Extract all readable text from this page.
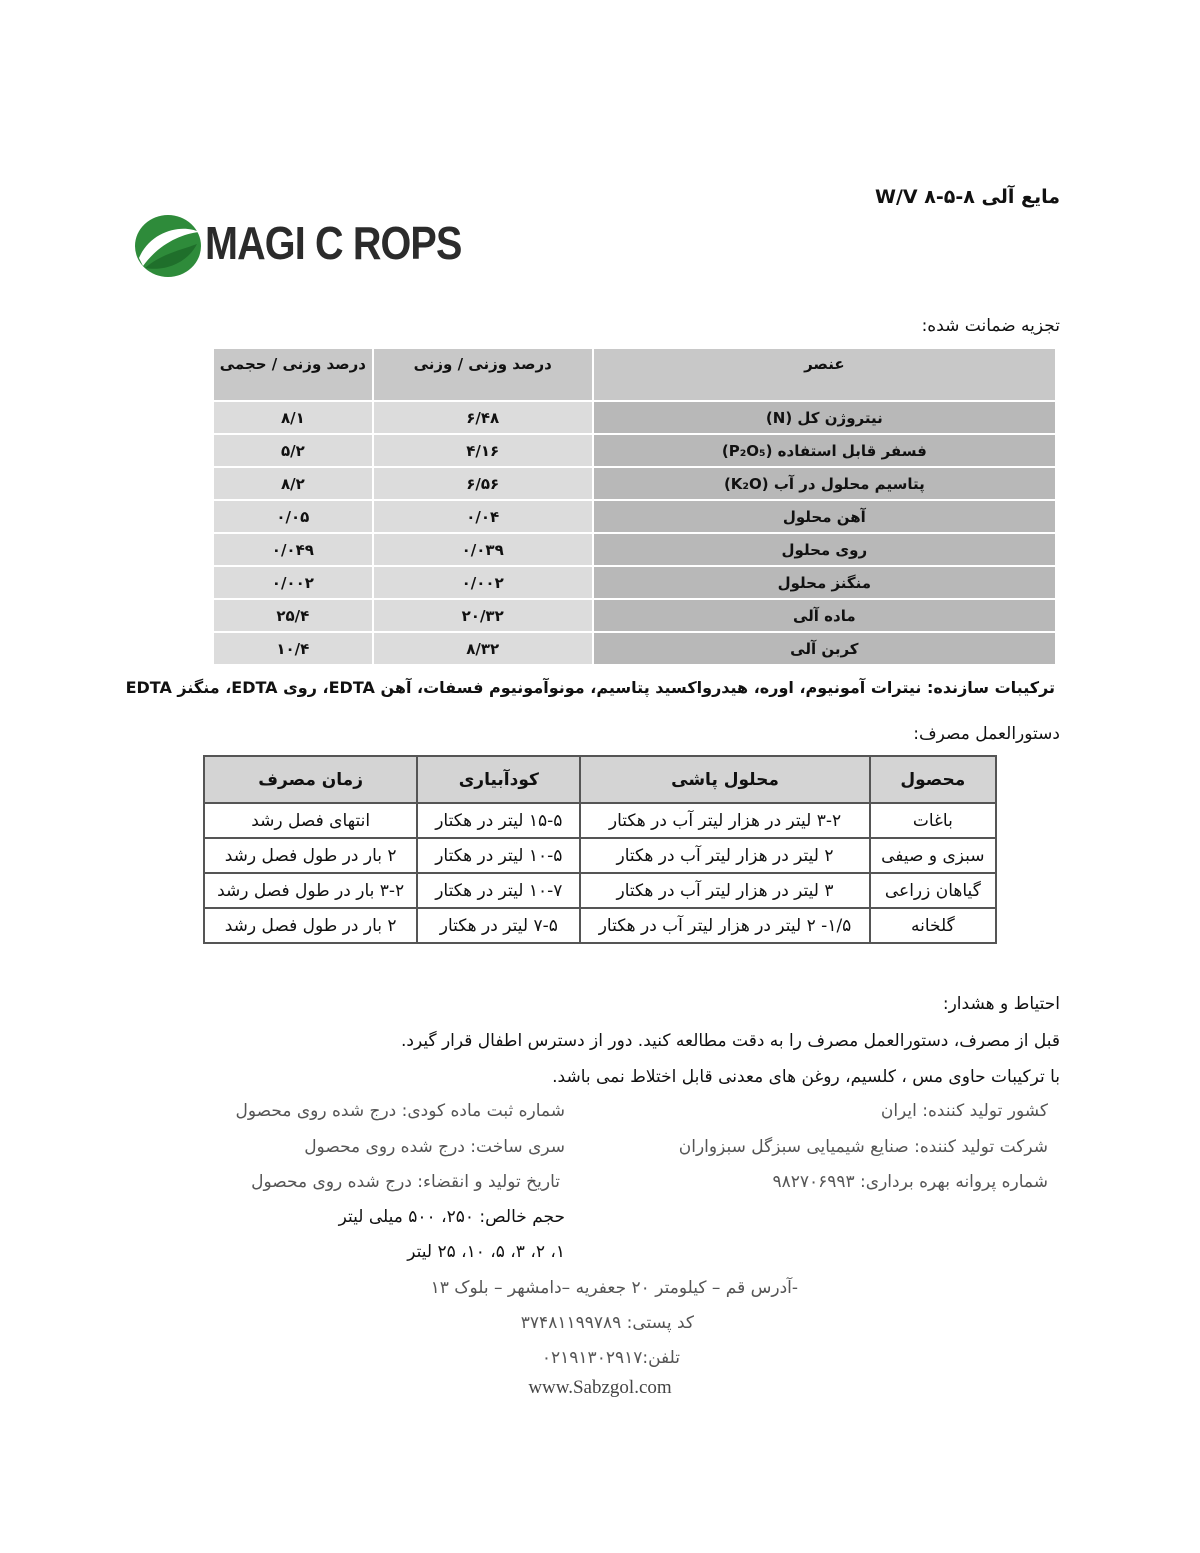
مایع آلی ۸-۵-۸ W/V
MAGI C ROPS
تجزیه ضمانت شده:
عنصر	درصد وزنی / وزنی	درصد وزنی / حجمی
نیتروژن کل (N)	۶/۴۸	۸/۱
فسفر قابل استفاده (P₂O₅)	۴/۱۶	۵/۲
پتاسیم محلول در آب (K₂O)	۶/۵۶	۸/۲
آهن محلول	۰/۰۴	۰/۰۵
روی محلول	۰/۰۳۹	۰/۰۴۹
منگنز محلول	۰/۰۰۲	۰/۰۰۲
ماده آلی	۲۰/۳۲	۲۵/۴
کربن آلی	۸/۳۲	۱۰/۴
ترکیبات سازنده: نیترات آمونیوم، اوره، هیدرواکسید پتاسیم، مونوآمونیوم فسفات، آهن EDTA، روی EDTA، منگنز EDTA
دستورالعمل مصرف:
محصول	محلول پاشی	کودآبیاری	زمان مصرف
باغات	۳-۲ لیتر در هزار لیتر آب در هکتار	۱۵-۵ لیتر در هکتار	انتهای فصل رشد
سبزی و صیفی	۲ لیتر در هزار لیتر آب در هکتار	۱۰-۵ لیتر در هکتار	۲ بار در طول فصل رشد
گیاهان زراعی	۳ لیتر در هزار لیتر آب در هکتار	۱۰-۷ لیتر در هکتار	۳-۲ بار در طول فصل رشد
گلخانه	۱/۵- ۲ لیتر در هزار لیتر آب در هکتار	۷-۵ لیتر در هکتار	۲ بار در طول فصل رشد
احتیاط و هشدار:
قبل از مصرف، دستورالعمل مصرف را به دقت مطالعه کنید. دور از دسترس اطفال قرار گیرد.
با ترکیبات حاوی مس ، کلسیم، روغن های معدنی قابل اختلاط نمی باشد.
کشور تولید کننده: ایران
شماره ثبت ماده کودی: درج شده روی محصول
شرکت تولید کننده: صنایع شیمیایی سبزگل سبزواران
سری ساخت: درج شده روی محصول
شماره پروانه بهره برداری: ۹۸۲۷۰۶۹۹۳
تاریخ تولید و انقضاء: درج شده روی محصول
حجم خالص: ۲۵۰، ۵۰۰ میلی لیتر
۱، ۲، ۳، ۵، ۱۰، ۲۵ لیتر
-آدرس قم – کیلومتر ۲۰ جعفریه –دامشهر – بلوک ۱۳
کد پستی: ۳۷۴۸۱۱۹۹۷۸۹
تلفن:۰۲۱۹۱۳۰۲۹۱۷
www.Sabzgol.com
